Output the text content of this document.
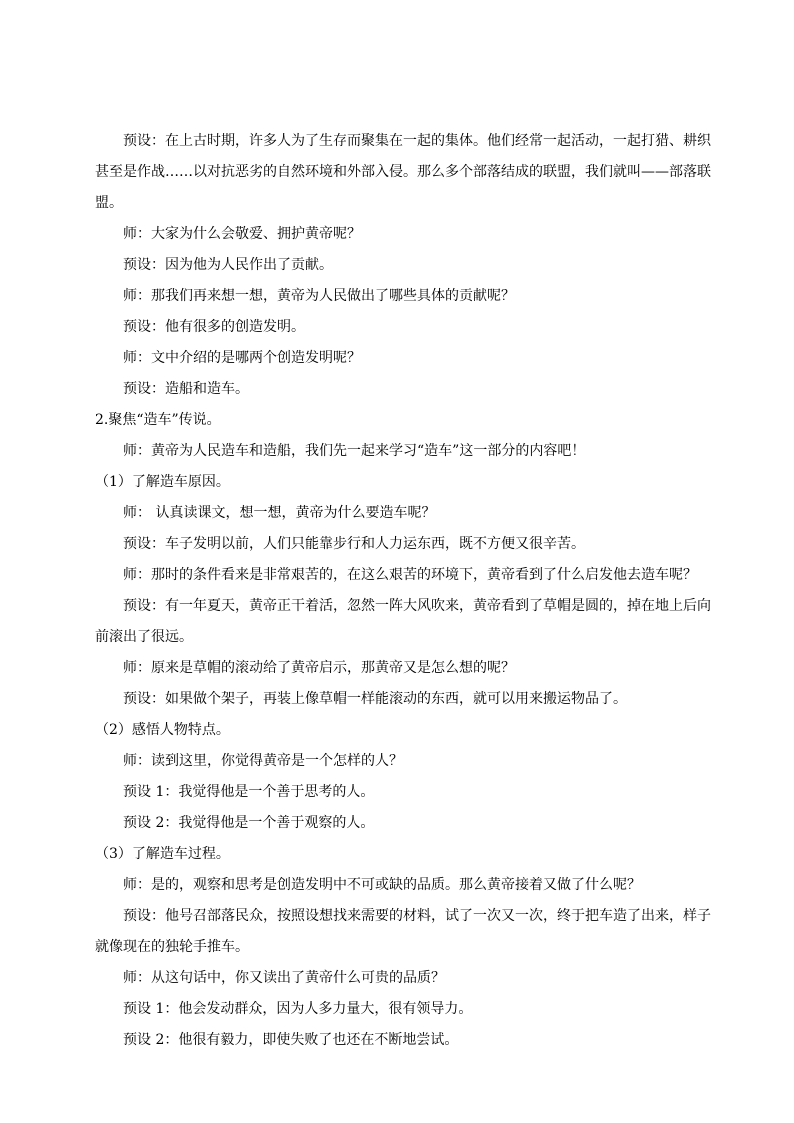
预设：在上古时期，许多人为了生存而聚集在一起的集体。他们经常一起活动，一起打猎、耕织甚至是作战……以对抗恶劣的自然环境和外部入侵。那么多个部落结成的联盟，我们就叫——部落联盟。

师：大家为什么会敬爱、拥护黄帝呢？

预设：因为他为人民作出了贡献。

师：那我们再来想一想，黄帝为人民做出了哪些具体的贡献呢？

预设：他有很多的创造发明。

师：文中介绍的是哪两个创造发明呢？

预设：造船和造车。

2.聚焦“造车”传说。

师：黄帝为人民造车和造船，我们先一起来学习“造车”这一部分的内容吧！

（1）了解造车原因。

师： 认真读课文，想一想，黄帝为什么要造车呢？

预设：车子发明以前，人们只能靠步行和人力运东西，既不方便又很辛苦。

师：那时的条件看来是非常艰苦的，在这么艰苦的环境下，黄帝看到了什么启发他去造车呢？

预设：有一年夏天，黄帝正干着活，忽然一阵大风吹来，黄帝看到了草帽是圆的，掉在地上后向前滚出了很远。

师：原来是草帽的滚动给了黄帝启示，那黄帝又是怎么想的呢？

预设：如果做个架子，再装上像草帽一样能滚动的东西，就可以用来搬运物品了。

（2）感悟人物特点。

师：读到这里，你觉得黄帝是一个怎样的人？

预设 1：我觉得他是一个善于思考的人。

预设 2：我觉得他是一个善于观察的人。

（3）了解造车过程。

师：是的，观察和思考是创造发明中不可或缺的品质。那么黄帝接着又做了什么呢？

预设：他号召部落民众，按照设想找来需要的材料，试了一次又一次，终于把车造了出来，样子就像现在的独轮手推车。

师：从这句话中，你又读出了黄帝什么可贵的品质？

预设 1：他会发动群众，因为人多力量大，很有领导力。

预设 2：他很有毅力，即使失败了也还在不断地尝试。
